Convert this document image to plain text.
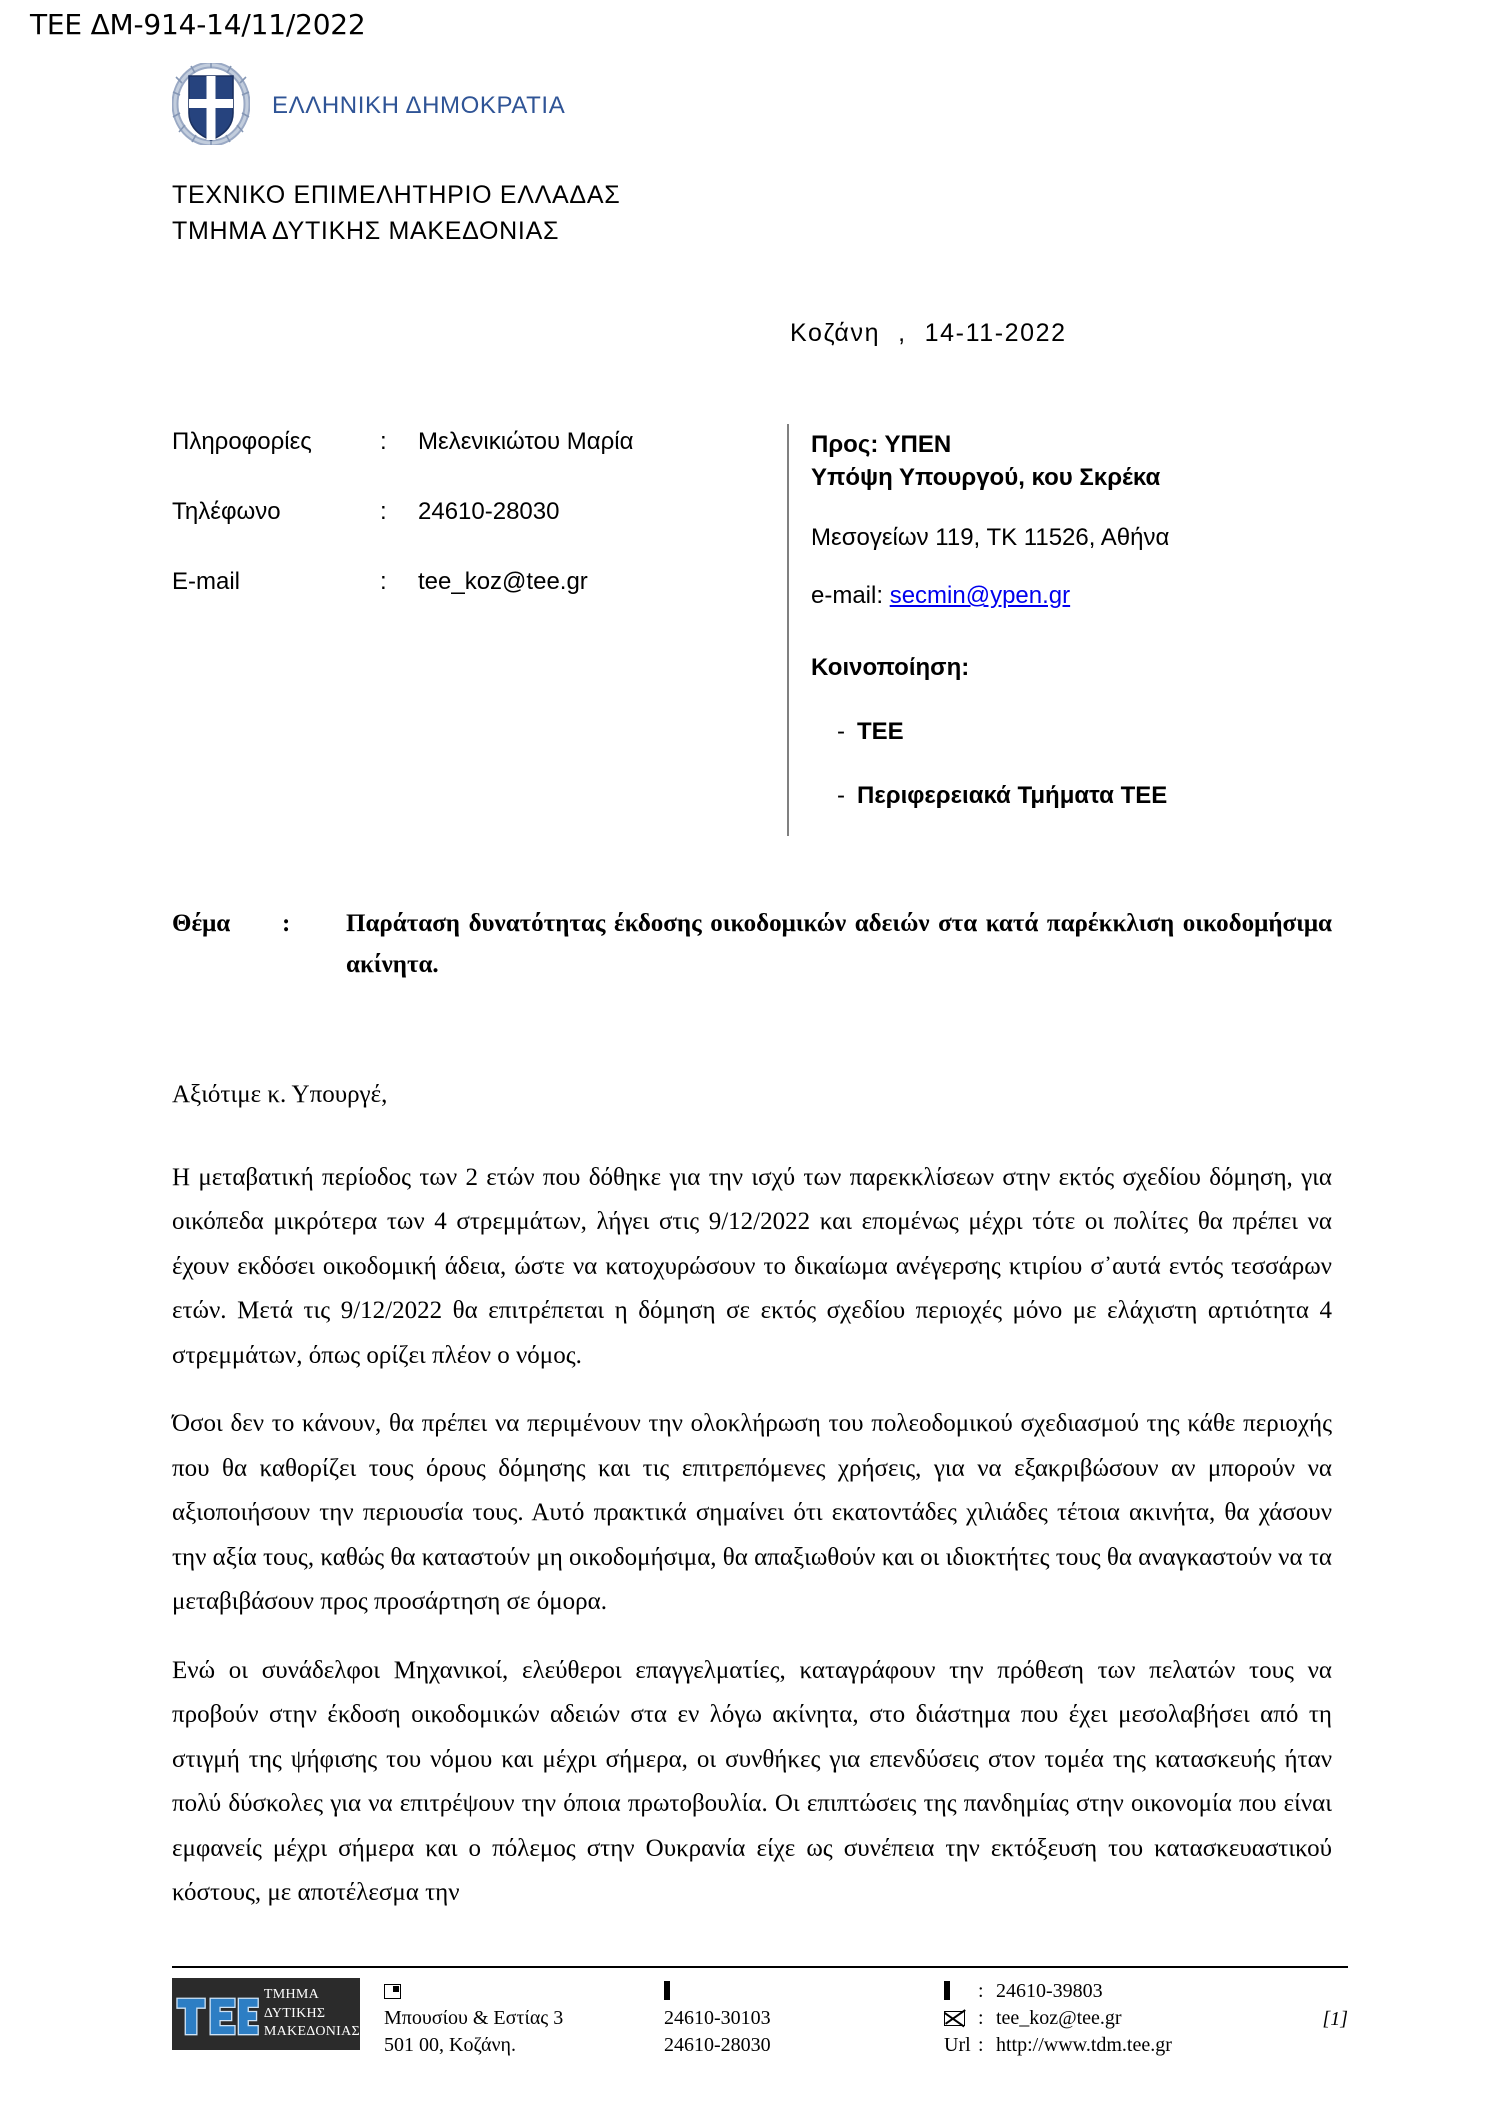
ΤΕΕ ΔΜ-914-14/11/2022
ΕΛΛΗΝΙΚΗ ΔΗΜΟΚΡΑΤΙΑ
ΤΕΧΝΙΚΟ ΕΠΙΜΕΛΗΤΗΡΙΟ ΕΛΛΑΔΑΣ
ΤΜΗΜΑ ΔΥΤΙΚΗΣ ΜΑΚΕΔΟΝΙΑΣ
Κοζάνη , 14-11-2022
Πληροφορίες	:	Μελενικιώτου Μαρία
Τηλέφωνο	:	24610-28030
E-mail	:	tee_koz@tee.gr
Προς: ΥΠΕΝ
Υπόψη Υπουργού, κου Σκρέκα
Μεσογείων 119, ΤΚ 11526, Αθήνα
e-mail: secmin@ypen.gr
Κοινοποίηση:
- ΤΕΕ
- Περιφερειακά Τμήματα ΤΕΕ
Θέμα	:	Παράταση δυνατότητας έκδοσης οικοδομικών αδειών στα κατά παρέκκλιση οικοδομήσιμα ακίνητα.

Αξιότιμε κ. Υπουργέ,

Η μεταβατική περίοδος των 2 ετών που δόθηκε για την ισχύ των παρεκκλίσεων στην εκτός σχεδίου δόμηση, για οικόπεδα μικρότερα των 4 στρεμμάτων, λήγει στις 9/12/2022 και επομένως μέχρι τότε οι πολίτες θα πρέπει να έχουν εκδόσει οικοδομική άδεια, ώστε να κατοχυρώσουν το δικαίωμα ανέγερσης κτιρίου σ᾽αυτά εντός τεσσάρων ετών. Μετά τις 9/12/2022 θα επιτρέπεται η δόμηση σε εκτός σχεδίου περιοχές μόνο με ελάχιστη αρτιότητα 4 στρεμμάτων, όπως ορίζει πλέον ο νόμος.

Όσοι δεν το κάνουν, θα πρέπει να περιμένουν την ολοκλήρωση του πολεοδομικού σχεδιασμού της κάθε περιοχής που θα καθορίζει τους όρους δόμησης και τις επιτρεπόμενες χρήσεις, για να εξακριβώσουν αν μπορούν να αξιοποιήσουν την περιουσία τους. Αυτό πρακτικά σημαίνει ότι εκατοντάδες χιλιάδες τέτοια ακινήτα, θα χάσουν την αξία τους, καθώς θα καταστούν μη οικοδομήσιμα, θα απαξιωθούν και οι ιδιοκτήτες τους θα αναγκαστούν να τα μεταβιβάσουν προς προσάρτηση σε όμορα.

Ενώ οι συνάδελφοι Μηχανικοί, ελεύθεροι επαγγελματίες, καταγράφουν την πρόθεση των πελατών τους να προβούν στην έκδοση οικοδομικών αδειών στα εν λόγω ακίνητα, στο διάστημα που έχει μεσολαβήσει από τη στιγμή της ψήφισης του νόμου και μέχρι σήμερα, οι συνθήκες για επενδύσεις στον τομέα της κατασκευής ήταν πολύ δύσκολες για να επιτρέψουν την όποια πρωτοβουλία. Οι επιπτώσεις της πανδημίας στην οικονομία που είναι εμφανείς μέχρι σήμερα και ο πόλεμος στην Ουκρανία είχε ως συνέπεια την εκτόξευση του κατασκευαστικού κόστους, με αποτέλεσμα την

ΤΜΗΜΑ
ΔΥΤΙΚΗΣ
ΜΑΚΕΔΟΝΙΑΣ
Μπουσίου & Εστίας 3
501 00, Κοζάνη.
24610-30103
24610-28030
: 24610-39803
: tee_koz@tee.gr
Url : http://www.tdm.tee.gr
[1]
